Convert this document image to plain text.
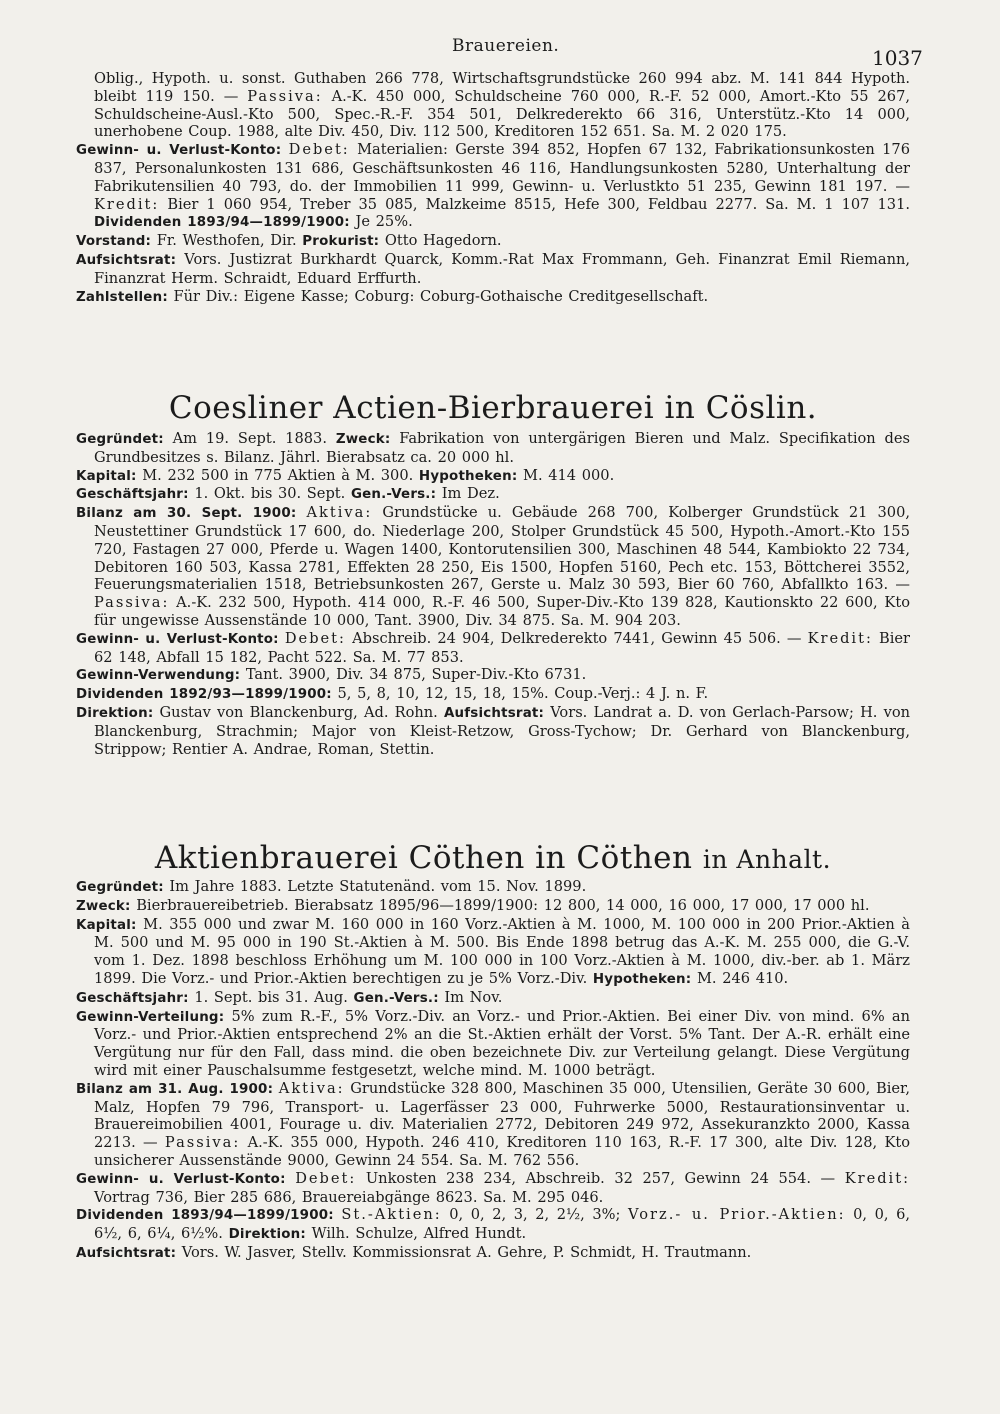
Brauereien.	1037

Oblig., Hypoth. u. sonst. Guthaben 266 778, Wirtschaftsgrundstücke 260 994 abz. M. 141 844 Hypoth. bleibt 119 150. — Passiva: A.-K. 450 000, Schuldscheine 760 000, R.-F. 52 000, Amort.-Kto 55 267, Schuldscheine-Ausl.-Kto 500, Spec.-R.-F. 354 501, Delkrederekto 66 316, Unterstütz.-Kto 14 000, unerhobene Coup. 1988, alte Div. 450, Div. 112 500, Kreditoren 152 651. Sa. M. 2 020 175.

Gewinn- u. Verlust-Konto: Debet: Materialien: Gerste 394 852, Hopfen 67 132, Fabrikationsunkosten 176 837, Personalunkosten 131 686, Geschäftsunkosten 46 116, Handlungsunkosten 5280, Unterhaltung der Fabrikutensilien 40 793, do. der Immobilien 11 999, Gewinn- u. Verlustkto 51 235, Gewinn 181 197. — Kredit: Bier 1 060 954, Treber 35 085, Malzkeime 8515, Hefe 300, Feldbau 2277. Sa. M. 1 107 131. Dividenden 1893/94—1899/1900: Je 25%.

Vorstand: Fr. Westhofen, Dir. Prokurist: Otto Hagedorn.

Aufsichtsrat: Vors. Justizrat Burkhardt Quarck, Komm.-Rat Max Frommann, Geh. Finanzrat Emil Riemann, Finanzrat Herm. Schraidt, Eduard Erffurth.

Zahlstellen: Für Div.: Eigene Kasse; Coburg: Coburg-Gothaische Creditgesellschaft.

Coesliner Actien-Bierbrauerei in Cöslin.

Gegründet: Am 19. Sept. 1883. Zweck: Fabrikation von untergärigen Bieren und Malz. Specifikation des Grundbesitzes s. Bilanz. Jährl. Bierabsatz ca. 20 000 hl.

Kapital: M. 232 500 in 775 Aktien à M. 300. Hypotheken: M. 414 000.

Geschäftsjahr: 1. Okt. bis 30. Sept. Gen.-Vers.: Im Dez.

Bilanz am 30. Sept. 1900: Aktiva: Grundstücke u. Gebäude 268 700, Kolberger Grundstück 21 300, Neustettiner Grundstück 17 600, do. Niederlage 200, Stolper Grundstück 45 500, Hypoth.-Amort.-Kto 155 720, Fastagen 27 000, Pferde u. Wagen 1400, Kontorutensilien 300, Maschinen 48 544, Kambiokto 22 734, Debitoren 160 503, Kassa 2781, Effekten 28 250, Eis 1500, Hopfen 5160, Pech etc. 153, Böttcherei 3552, Feuerungsmaterialien 1518, Betriebsunkosten 267, Gerste u. Malz 30 593, Bier 60 760, Abfallkto 163. — Passiva: A.-K. 232 500, Hypoth. 414 000, R.-F. 46 500, Super-Div.-Kto 139 828, Kautionskto 22 600, Kto für ungewisse Aussenstände 10 000, Tant. 3900, Div. 34 875. Sa. M. 904 203.

Gewinn- u. Verlust-Konto: Debet: Abschreib. 24 904, Delkrederekto 7441, Gewinn 45 506. — Kredit: Bier 62 148, Abfall 15 182, Pacht 522. Sa. M. 77 853.

Gewinn-Verwendung: Tant. 3900, Div. 34 875, Super-Div.-Kto 6731.

Dividenden 1892/93—1899/1900: 5, 5, 8, 10, 12, 15, 18, 15%. Coup.-Verj.: 4 J. n. F.

Direktion: Gustav von Blanckenburg, Ad. Rohn. Aufsichtsrat: Vors. Landrat a. D. von Gerlach-Parsow; H. von Blanckenburg, Strachmin; Major von Kleist-Retzow, Gross-Tychow; Dr. Gerhard von Blanckenburg, Strippow; Rentier A. Andrae, Roman, Stettin.

Aktienbrauerei Cöthen in Cöthen in Anhalt.

Gegründet: Im Jahre 1883. Letzte Statutenänd. vom 15. Nov. 1899.

Zweck: Bierbrauereibetrieb. Bierabsatz 1895/96—1899/1900: 12 800, 14 000, 16 000, 17 000, 17 000 hl.

Kapital: M. 355 000 und zwar M. 160 000 in 160 Vorz.-Aktien à M. 1000, M. 100 000 in 200 Prior.-Aktien à M. 500 und M. 95 000 in 190 St.-Aktien à M. 500. Bis Ende 1898 betrug das A.-K. M. 255 000, die G.-V. vom 1. Dez. 1898 beschloss Erhöhung um M. 100 000 in 100 Vorz.-Aktien à M. 1000, div.-ber. ab 1. März 1899. Die Vorz.- und Prior.-Aktien berechtigen zu je 5% Vorz.-Div. Hypotheken: M. 246 410.

Geschäftsjahr: 1. Sept. bis 31. Aug. Gen.-Vers.: Im Nov.

Gewinn-Verteilung: 5% zum R.-F., 5% Vorz.-Div. an Vorz.- und Prior.-Aktien. Bei einer Div. von mind. 6% an Vorz.- und Prior.-Aktien entsprechend 2% an die St.-Aktien erhält der Vorst. 5% Tant. Der A.-R. erhält eine Vergütung nur für den Fall, dass mind. die oben bezeichnete Div. zur Verteilung gelangt. Diese Vergütung wird mit einer Pauschalsumme festgesetzt, welche mind. M. 1000 beträgt.

Bilanz am 31. Aug. 1900: Aktiva: Grundstücke 328 800, Maschinen 35 000, Utensilien, Geräte 30 600, Bier, Malz, Hopfen 79 796, Transport- u. Lagerfässer 23 000, Fuhrwerke 5000, Restaurationsinventar u. Brauereimobilien 4001, Fourage u. div. Materialien 2772, Debitoren 249 972, Assekuranzkto 2000, Kassa 2213. — Passiva: A.-K. 355 000, Hypoth. 246 410, Kreditoren 110 163, R.-F. 17 300, alte Div. 128, Kto unsicherer Aussenstände 9000, Gewinn 24 554. Sa. M. 762 556.

Gewinn- u. Verlust-Konto: Debet: Unkosten 238 234, Abschreib. 32 257, Gewinn 24 554. — Kredit: Vortrag 736, Bier 285 686, Brauereiabgänge 8623. Sa. M. 295 046.

Dividenden 1893/94—1899/1900: St.-Aktien: 0, 0, 2, 3, 2, 2½, 3%; Vorz.- u. Prior.-Aktien: 0, 0, 6, 6½, 6, 6¼, 6½%. Direktion: Wilh. Schulze, Alfred Hundt.

Aufsichtsrat: Vors. W. Jasver, Stellv. Kommissionsrat A. Gehre, P. Schmidt, H. Trautmann.
